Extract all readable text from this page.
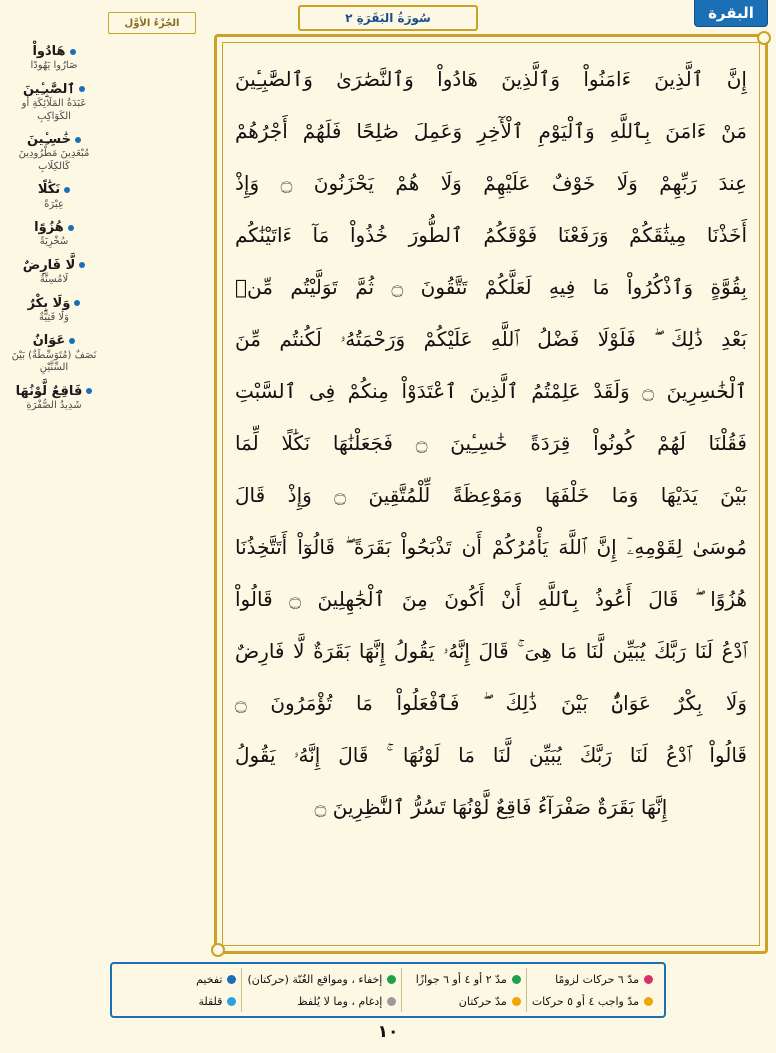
البقرة
سُورَةُ البَقَرَةِ ٢
الجُزْءُ الأوَّل
هَادُواْ
صَارُوا يَهُودًا
ٱلصَّٰبِـِٔينَ
عَبَدَةُ المَلَائِكَةِ أو الكَوَاكِبِ
خَٰسِـِٔينَ
مُبْعَدِينَ مَطْرُودِينَ كَالكِلَابِ
نَكَٰلًا
عِبْرَةً
هُزُوًا
سُخْرِيَةً
لَّا فَارِضٌ
لَامُسِنَّةٌ
وَلَا بِكْرٌ
وَلَا فَتِيَّةٌ
عَوَانٌ
نَصَفٌ (مُتَوَسِّطَةٌ) بَيْنَ السِّنَّيْنِ
فَاقِعٌ لَّوْنُهَا
شَدِيدُ الصُّفْرَةِ
إِنَّ ٱلَّذِينَ ءَامَنُواْ وَٱلَّذِينَ هَادُواْ وَٱلنَّصَٰرَىٰ وَٱلصَّٰبِـِٔينَ
مَنْ ءَامَنَ بِٱللَّهِ وَٱلْيَوْمِ ٱلْأٓخِرِ وَعَمِلَ صَٰلِحًا فَلَهُمْ أَجْرُهُمْ
عِندَ رَبِّهِمْ وَلَا خَوْفٌ عَلَيْهِمْ وَلَا هُمْ يَحْزَنُونَ ۝ وَإِذْ
أَخَذْنَا مِيثَٰقَكُمْ وَرَفَعْنَا فَوْقَكُمُ ٱلطُّورَ خُذُواْ مَآ ءَاتَيْنَٰكُم
بِقُوَّةٍ وَٱذْكُرُواْ مَا فِيهِ لَعَلَّكُمْ تَتَّقُونَ ۝ ثُمَّ تَوَلَّيْتُم مِّنۢ
بَعْدِ ذَٰلِكَ ۖ فَلَوْلَا فَضْلُ ٱللَّهِ عَلَيْكُمْ وَرَحْمَتُهُۥ لَكُنتُم مِّنَ
ٱلْخَٰسِرِينَ ۝ وَلَقَدْ عَلِمْتُمُ ٱلَّذِينَ ٱعْتَدَوْاْ مِنكُمْ فِى ٱلسَّبْتِ
فَقُلْنَا لَهُمْ كُونُواْ قِرَدَةً خَٰسِـِٔينَ ۝ فَجَعَلْنَٰهَا نَكَٰلًا لِّمَا
بَيْنَ يَدَيْهَا وَمَا خَلْفَهَا وَمَوْعِظَةً لِّلْمُتَّقِينَ ۝ وَإِذْ قَالَ
مُوسَىٰ لِقَوْمِهِۦٓ إِنَّ ٱللَّهَ يَأْمُرُكُمْ أَن تَذْبَحُواْ بَقَرَةً ۖ قَالُوٓاْ أَتَتَّخِذُنَا
هُزُوًا ۖ قَالَ أَعُوذُ بِٱللَّهِ أَنْ أَكُونَ مِنَ ٱلْجَٰهِلِينَ ۝ قَالُواْ
ٱدْعُ لَنَا رَبَّكَ يُبَيِّن لَّنَا مَا هِىَ ۚ قَالَ إِنَّهُۥ يَقُولُ إِنَّهَا بَقَرَةٌ لَّا فَارِضٌ
وَلَا بِكْرٌ عَوَانٌۢ بَيْنَ ذَٰلِكَ ۖ فَٱفْعَلُواْ مَا تُؤْمَرُونَ ۝
قَالُواْ ٱدْعُ لَنَا رَبَّكَ يُبَيِّن لَّنَا مَا لَوْنُهَا ۚ قَالَ إِنَّهُۥ يَقُولُ
إِنَّهَا بَقَرَةٌ صَفْرَآءُ فَاقِعٌ لَّوْنُهَا تَسُرُّ ٱلنَّٰظِرِينَ ۝
مدّ ٦ حركات لزومًا
مدّ واجب ٤ أو ٥ حركات
مدّ ٢ أو ٤ أو ٦ جوازًا
مدّ حركتان
إخفاء ، ومواقع الغُنّة (حركتان)
إدغام ، وما لا يُلفظ
تفخيم
قلقلة
١٠
